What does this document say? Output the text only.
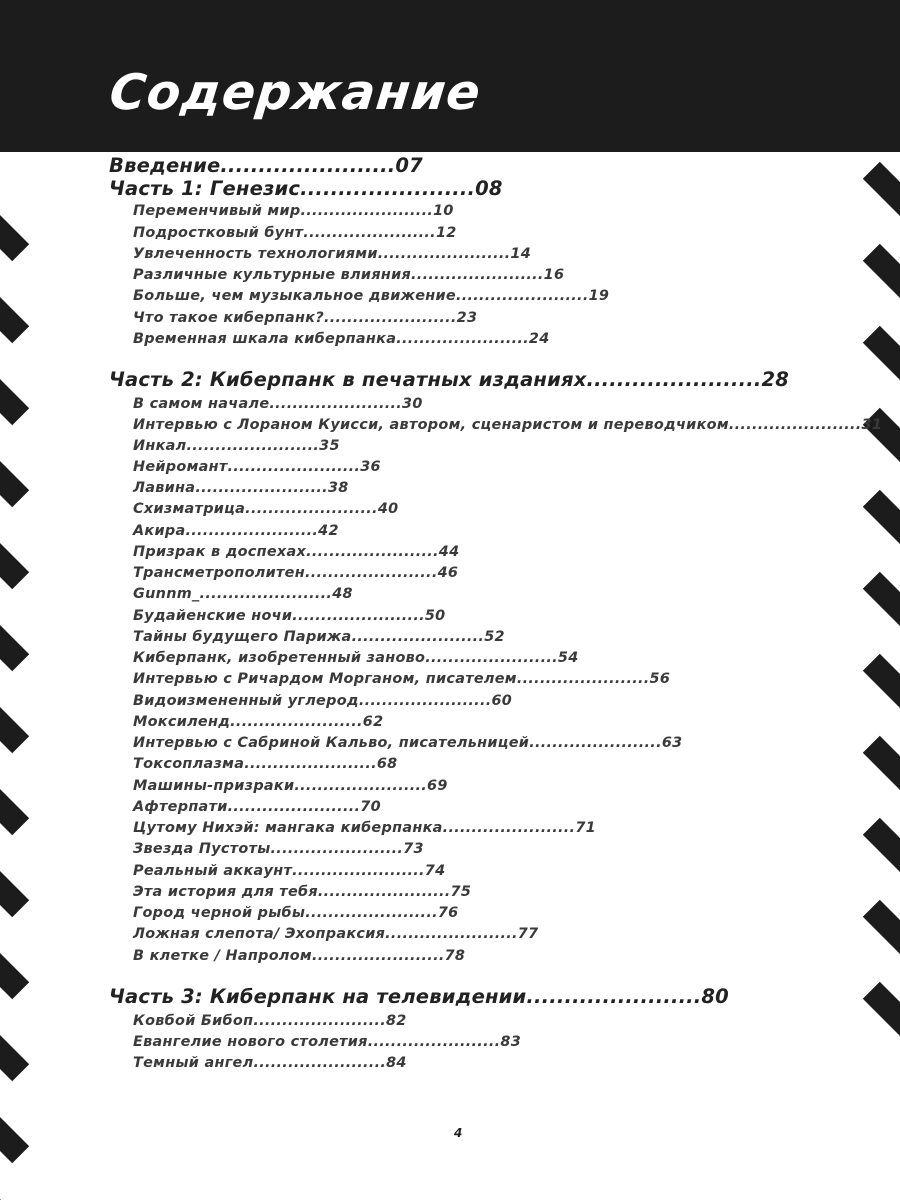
Содержание
Введение.......................07
Часть 1: Генезис.......................08
Переменчивый мир.......................10
Подростковый бунт.......................12
Увлеченность технологиями.......................14
Различные культурные влияния.......................16
Больше, чем музыкальное движение.......................19
Что такое киберпанк?.......................23
Временная шкала киберпанка.......................24
Часть 2: Киберпанк в печатных изданиях.......................28
В самом начале.......................30
Интервью с Лораном Куисси, автором, сценаристом и переводчиком.......................31
Инкал.......................35
Нейромант.......................36
Лавина.......................38
Схизматрица.......................40
Акира.......................42
Призрак в доспехах.......................44
Трансметрополитен.......................46
Gunnm_.......................48
Будайенские ночи.......................50
Тайны будущего Парижа.......................52
Киберпанк, изобретенный заново.......................54
Интервью с Ричардом Морганом, писателем.......................56
Видоизмененный углерод.......................60
Моксиленд.......................62
Интервью с Сабриной Кальво, писательницей.......................63
Токсоплазма.......................68
Машины-призраки.......................69
Афтерпати.......................70
Цутому Нихэй: мангака киберпанка.......................71
Звезда Пустоты.......................73
Реальный аккаунт.......................74
Эта история для тебя.......................75
Город черной рыбы.......................76
Ложная слепота/ Эхопраксия.......................77
В клетке / Напролом.......................78
Часть 3: Киберпанк на телевидении.......................80
Ковбой Бибоп.......................82
Евангелие нового столетия.......................83
Темный ангел.......................84
4
